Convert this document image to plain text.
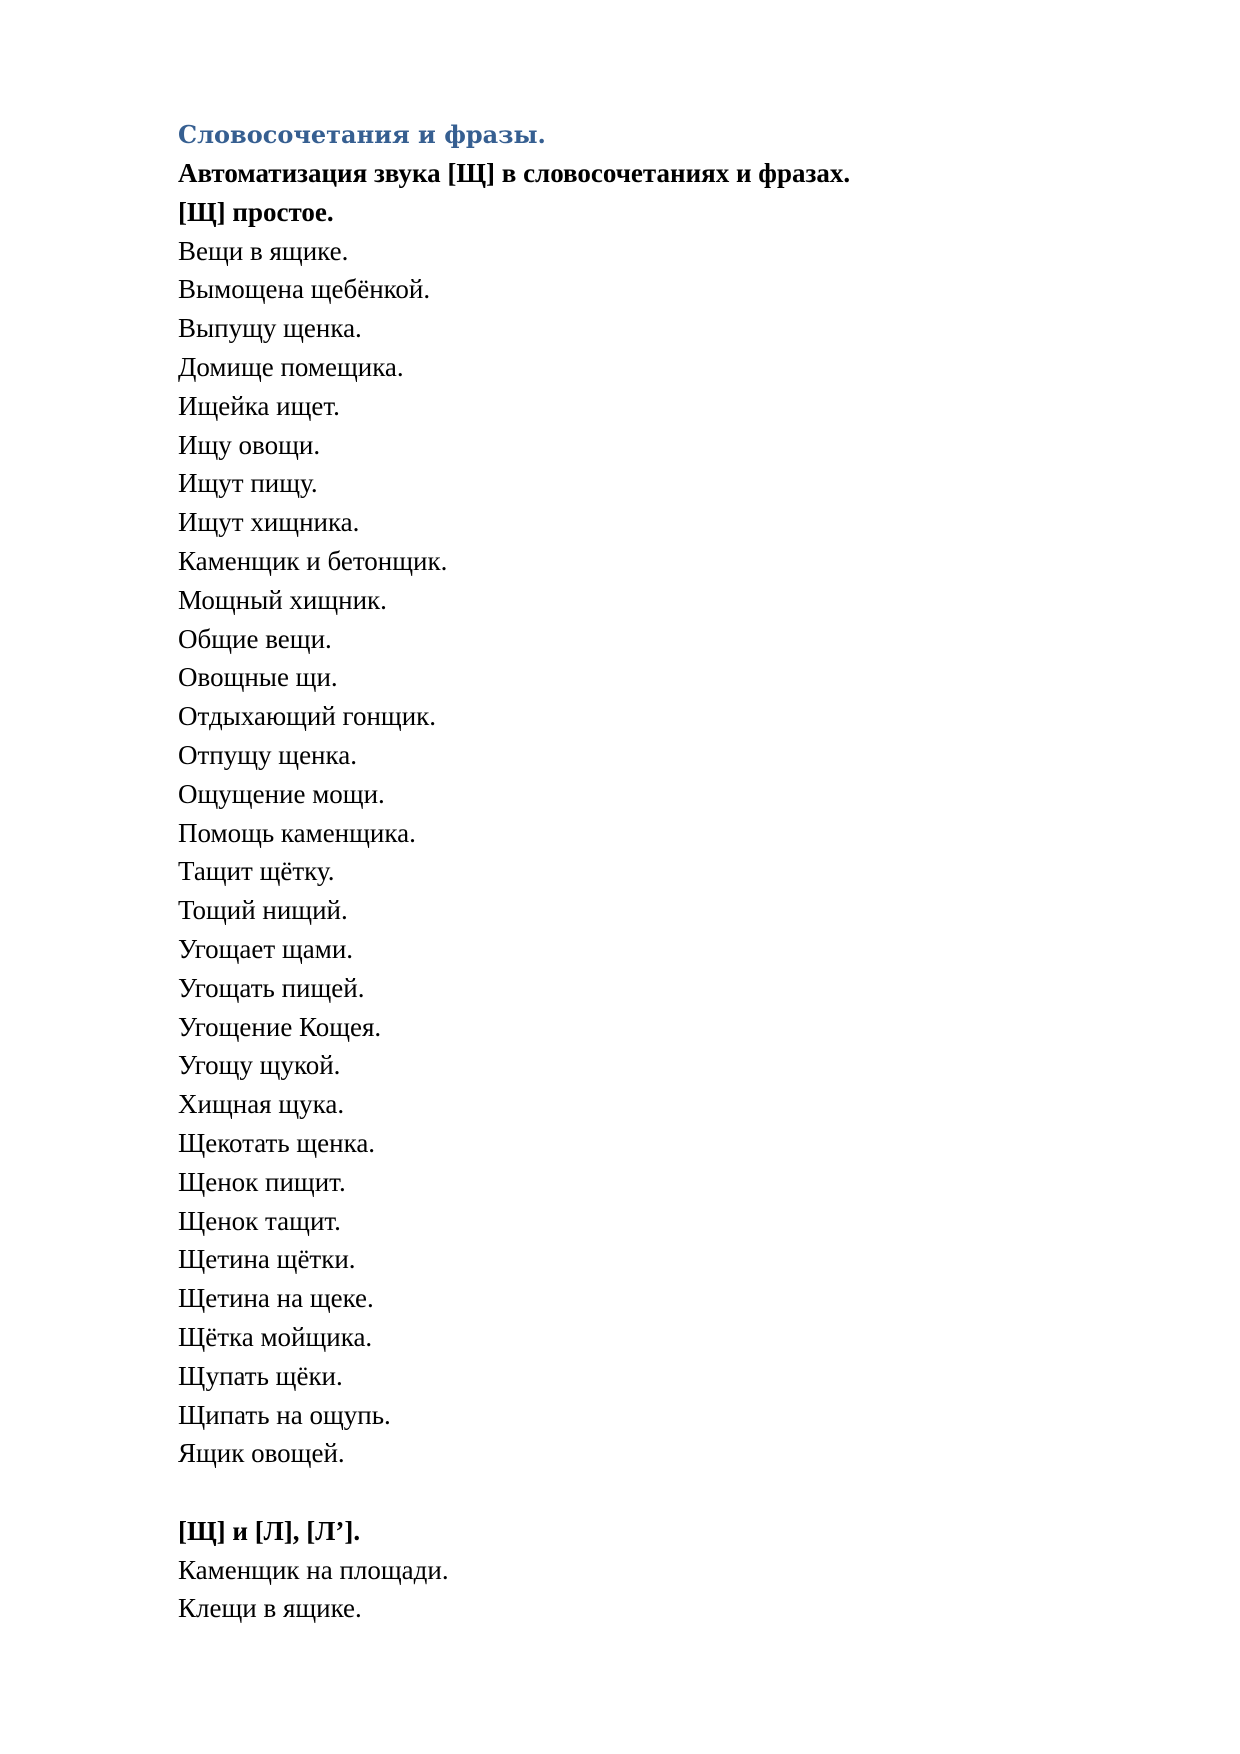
Словосочетания и фразы.
Автоматизация звука [Щ] в словосочетаниях и фразах.
[Щ] простое.
Вещи в ящике.
Вымощена щебёнкой.
Выпущу щенка.
Домище помещика.
Ищейка ищет.
Ищу овощи.
Ищут пищу.
Ищут хищника.
Каменщик и бетонщик.
Мощный хищник.
Общие вещи.
Овощные щи.
Отдыхающий гонщик.
Отпущу щенка.
Ощущение мощи.
Помощь каменщика.
Тащит щётку.
Тощий нищий.
Угощает щами.
Угощать пищей.
Угощение Кощея.
Угощу щукой.
Хищная щука.
Щекотать щенка.
Щенок пищит.
Щенок тащит.
Щетина щётки.
Щетина на щеке.
Щётка мойщика.
Щупать щёки.
Щипать на ощупь.
Ящик овощей.
[Щ] и [Л], [Л’].
Каменщик на площади.
Клещи в ящике.
